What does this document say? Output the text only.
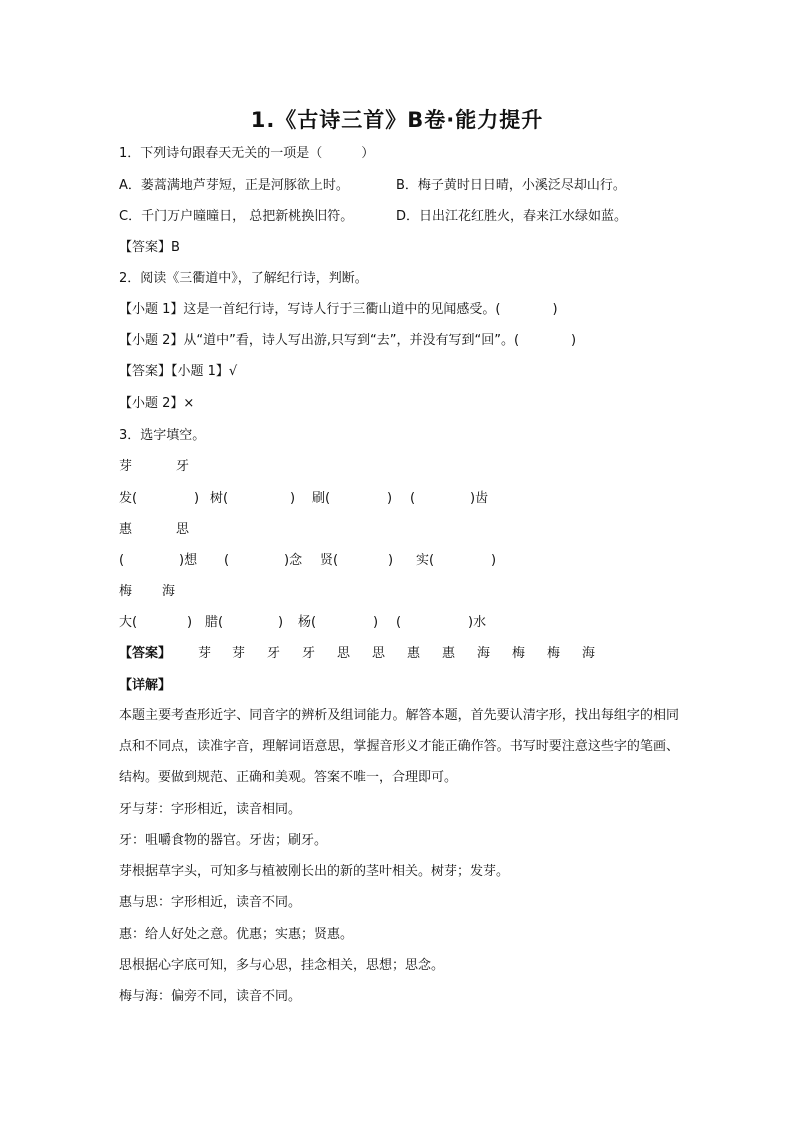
1.《古诗三首》B卷·能力提升
1．下列诗句跟春天无关的一项是（　　　）
A．蒌蒿满地芦芽短，正是河豚欲上时。	B．梅子黄时日日晴，小溪泛尽却山行。
C．千门万户曈曈日， 总把新桃换旧符。	D．日出江花红胜火，春来江水绿如蓝。
【答案】B
2．阅读《三衢道中》，了解纪行诗，判断。
【小题 1】这是一首纪行诗，写诗人行于三衢山道中的见闻感受。(　　　　)
【小题 2】从“道中”看，诗人写出游,只写到“去”，并没有写到“回”。(　　　　)
【答案】【小题 1】√
【小题 2】×
3．选字填空。
芽	牙
发(	) 树(	) 刷(	) (	)齿
惠	思
(	)想 (	)念 贤(	) 实(	)
梅 海
大(	) 腊(	) 杨(	) (	)水
【答案】 芽 芽 牙 牙 思 思 惠 惠 海 梅 梅 海
【详解】
本题主要考查形近字、同音字的辨析及组词能力。解答本题，首先要认清字形，找出每组字的相同点和不同点，读准字音，理解词语意思，掌握音形义才能正确作答。书写时要注意这些字的笔画、结构。要做到规范、正确和美观。答案不唯一，合理即可。
牙与芽：字形相近，读音相同。
牙：咀嚼食物的器官。牙齿；刷牙。
芽根据草字头，可知多与植被刚长出的新的茎叶相关。树芽；发芽。
惠与思：字形相近，读音不同。
惠：给人好处之意。优惠；实惠；贤惠。
思根据心字底可知，多与心思，挂念相关，思想；思念。
梅与海：偏旁不同，读音不同。
